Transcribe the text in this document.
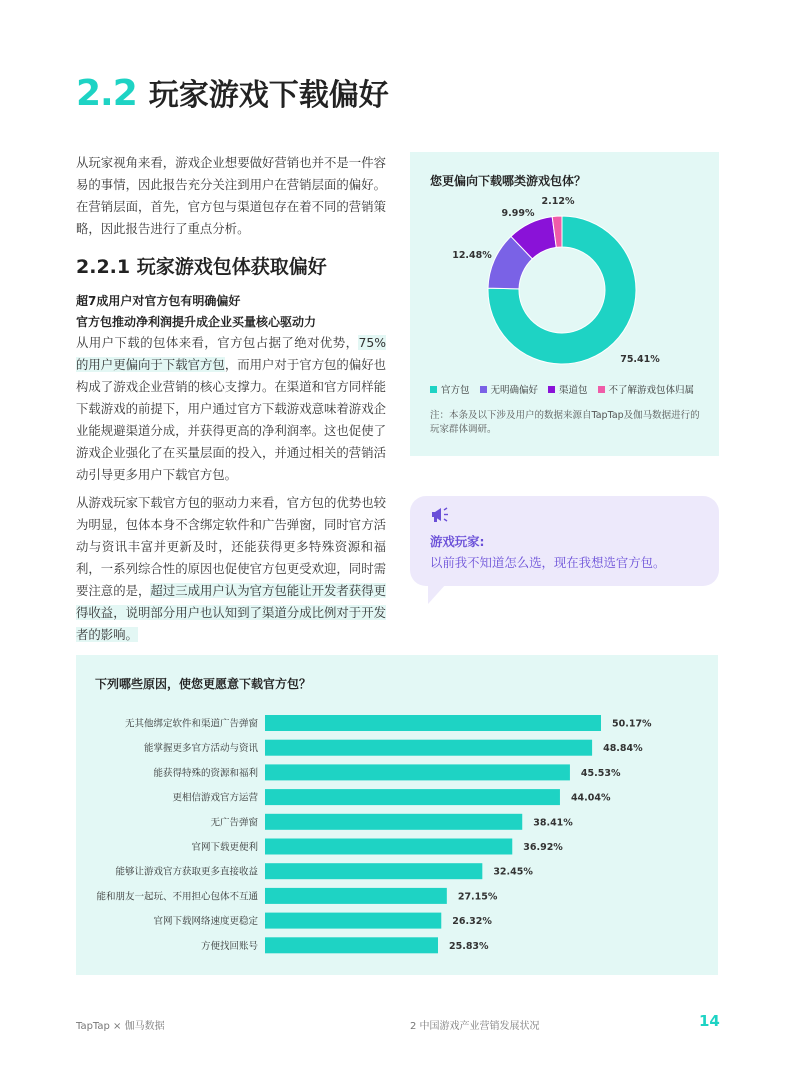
2.2 玩家游戏下载偏好
从玩家视角来看，游戏企业想要做好营销也并不是一件容易的事情，因此报告充分关注到用户在营销层面的偏好。在营销层面，首先，官方包与渠道包存在着不同的营销策略，因此报告进行了重点分析。
2.2.1 玩家游戏包体获取偏好
超7成用户对官方包有明确偏好
官方包推动净利润提升成企业买量核心驱动力
从用户下载的包体来看，官方包占据了绝对优势，75%的用户更偏向于下载官方包，而用户对于官方包的偏好也构成了游戏企业营销的核心支撑力。在渠道和官方同样能下载游戏的前提下，用户通过官方下载游戏意味着游戏企业能规避渠道分成，并获得更高的净利润率。这也促使了游戏企业强化了在买量层面的投入，并通过相关的营销活动引导更多用户下载官方包。
从游戏玩家下载官方包的驱动力来看，官方包的优势也较为明显，包体本身不含绑定软件和广告弹窗，同时官方活动与资讯丰富并更新及时，还能获得更多特殊资源和福利，一系列综合性的原因也促使官方包更受欢迎，同时需要注意的是，超过三成用户认为官方包能让开发者获得更得收益，说明部分用户也认知到了渠道分成比例对于开发者的影响。
您更偏向下载哪类游戏包体？
75.41%
12.48%
9.99%
2.12%
官方包 无明确偏好 渠道包 不了解游戏包体归属
注：本条及以下涉及用户的数据来源自TapTap及伽马数据进行的玩家群体调研。
游戏玩家:
以前我不知道怎么选，现在我想选官方包。
下列哪些原因，使您更愿意下载官方包？
无其他绑定软件和渠道广告弹窗	50.17%
能掌握更多官方活动与资讯	48.84%
能获得特殊的资源和福利	45.53%
更相信游戏官方运营	44.04%
无广告弹窗	38.41%
官网下载更便利	36.92%
能够让游戏官方获取更多直接收益	32.45%
能和朋友一起玩、不用担心包体不互通	27.15%
官网下载网络速度更稳定	26.32%
方便找回账号	25.83%
TapTap × 伽马数据	2 中国游戏产业营销发展状况	14
